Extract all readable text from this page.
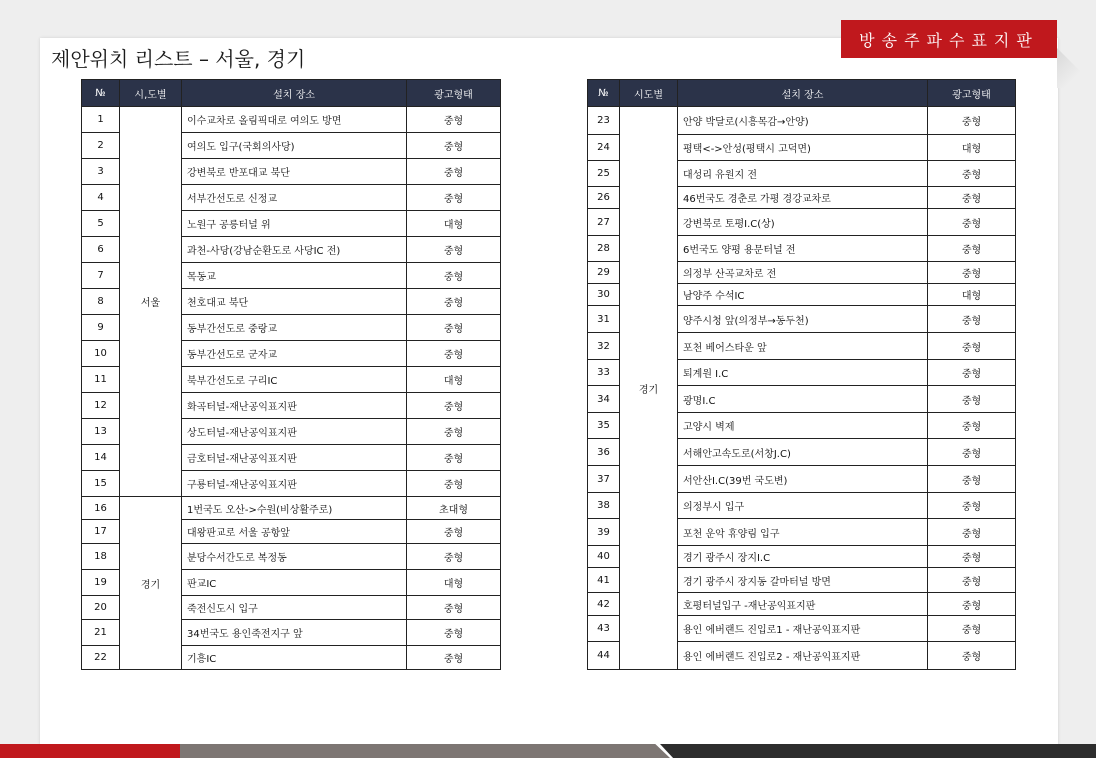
제안위치 리스트 – 서울, 경기
방송주파수표지판
№	시,도별	설치 장소	광고형태
1	서울	이수교차로 올림픽대로 여의도 방면	중형
2		여의도 입구(국회의사당)	중형
3		강변북로 반포대교 북단	중형
4		서부간선도로 신정교	중형
5		노원구 공릉터널 위	대형
6		과천-사당(강남순환도로 사당IC 전)	중형
7		목동교	중형
8		천호대교 북단	중형
9		동부간선도로 중랑교	중형
10		동부간선도로 군자교	중형
11		북부간선도로 구리IC	대형
12		화곡터널-재난공익표지판	중형
13		상도터널-재난공익표지판	중형
14		금호터널-재난공익표지판	중형
15		구룡터널-재난공익표지판	중형
16	경기	1번국도 오산->수원(비상활주로)	초대형
17		대왕판교로 서울 공항앞	중형
18		분당수서간도로 복정동	중형
19		판교IC	대형
20		죽전신도시 입구	중형
21		34번국도 용인죽전지구 앞	중형
22		기흥IC	중형
№	시도별	설치 장소	광고형태
23	경기	안양 박달로(시흥목감→안양)	중형
24		평택<->안성(평택시 고덕면)	대형
25		대성리 유원지 전	중형
26		46번국도 경춘로 가평 경강교차로	중형
27		강변북로 토평I.C(상)	중형
28		6번국도 양평 용문터널 전	중형
29		의정부 산곡교차로 전	중형
30		남양주 수석IC	대형
31		양주시청 앞(의정부→동두천)	중형
32		포천 베어스타운 앞	중형
33		퇴계원 I.C	중형
34		광명I.C	중형
35		고양시 벽제	중형
36		서해안고속도로(서창J.C)	중형
37		서안산I.C(39번 국도변)	중형
38		의정부시 입구	중형
39		포천 운악 휴양림 입구	중형
40		경기 광주시 장지I.C	중형
41		경기 광주시 장지동 갈마터널 방면	중형
42		호평터널입구 -재난공익표지판	중형
43		용인 에버랜드 진입로1 - 재난공익표지판	중형
44		용인 에버랜드 진입로2 - 재난공익표지판	중형
